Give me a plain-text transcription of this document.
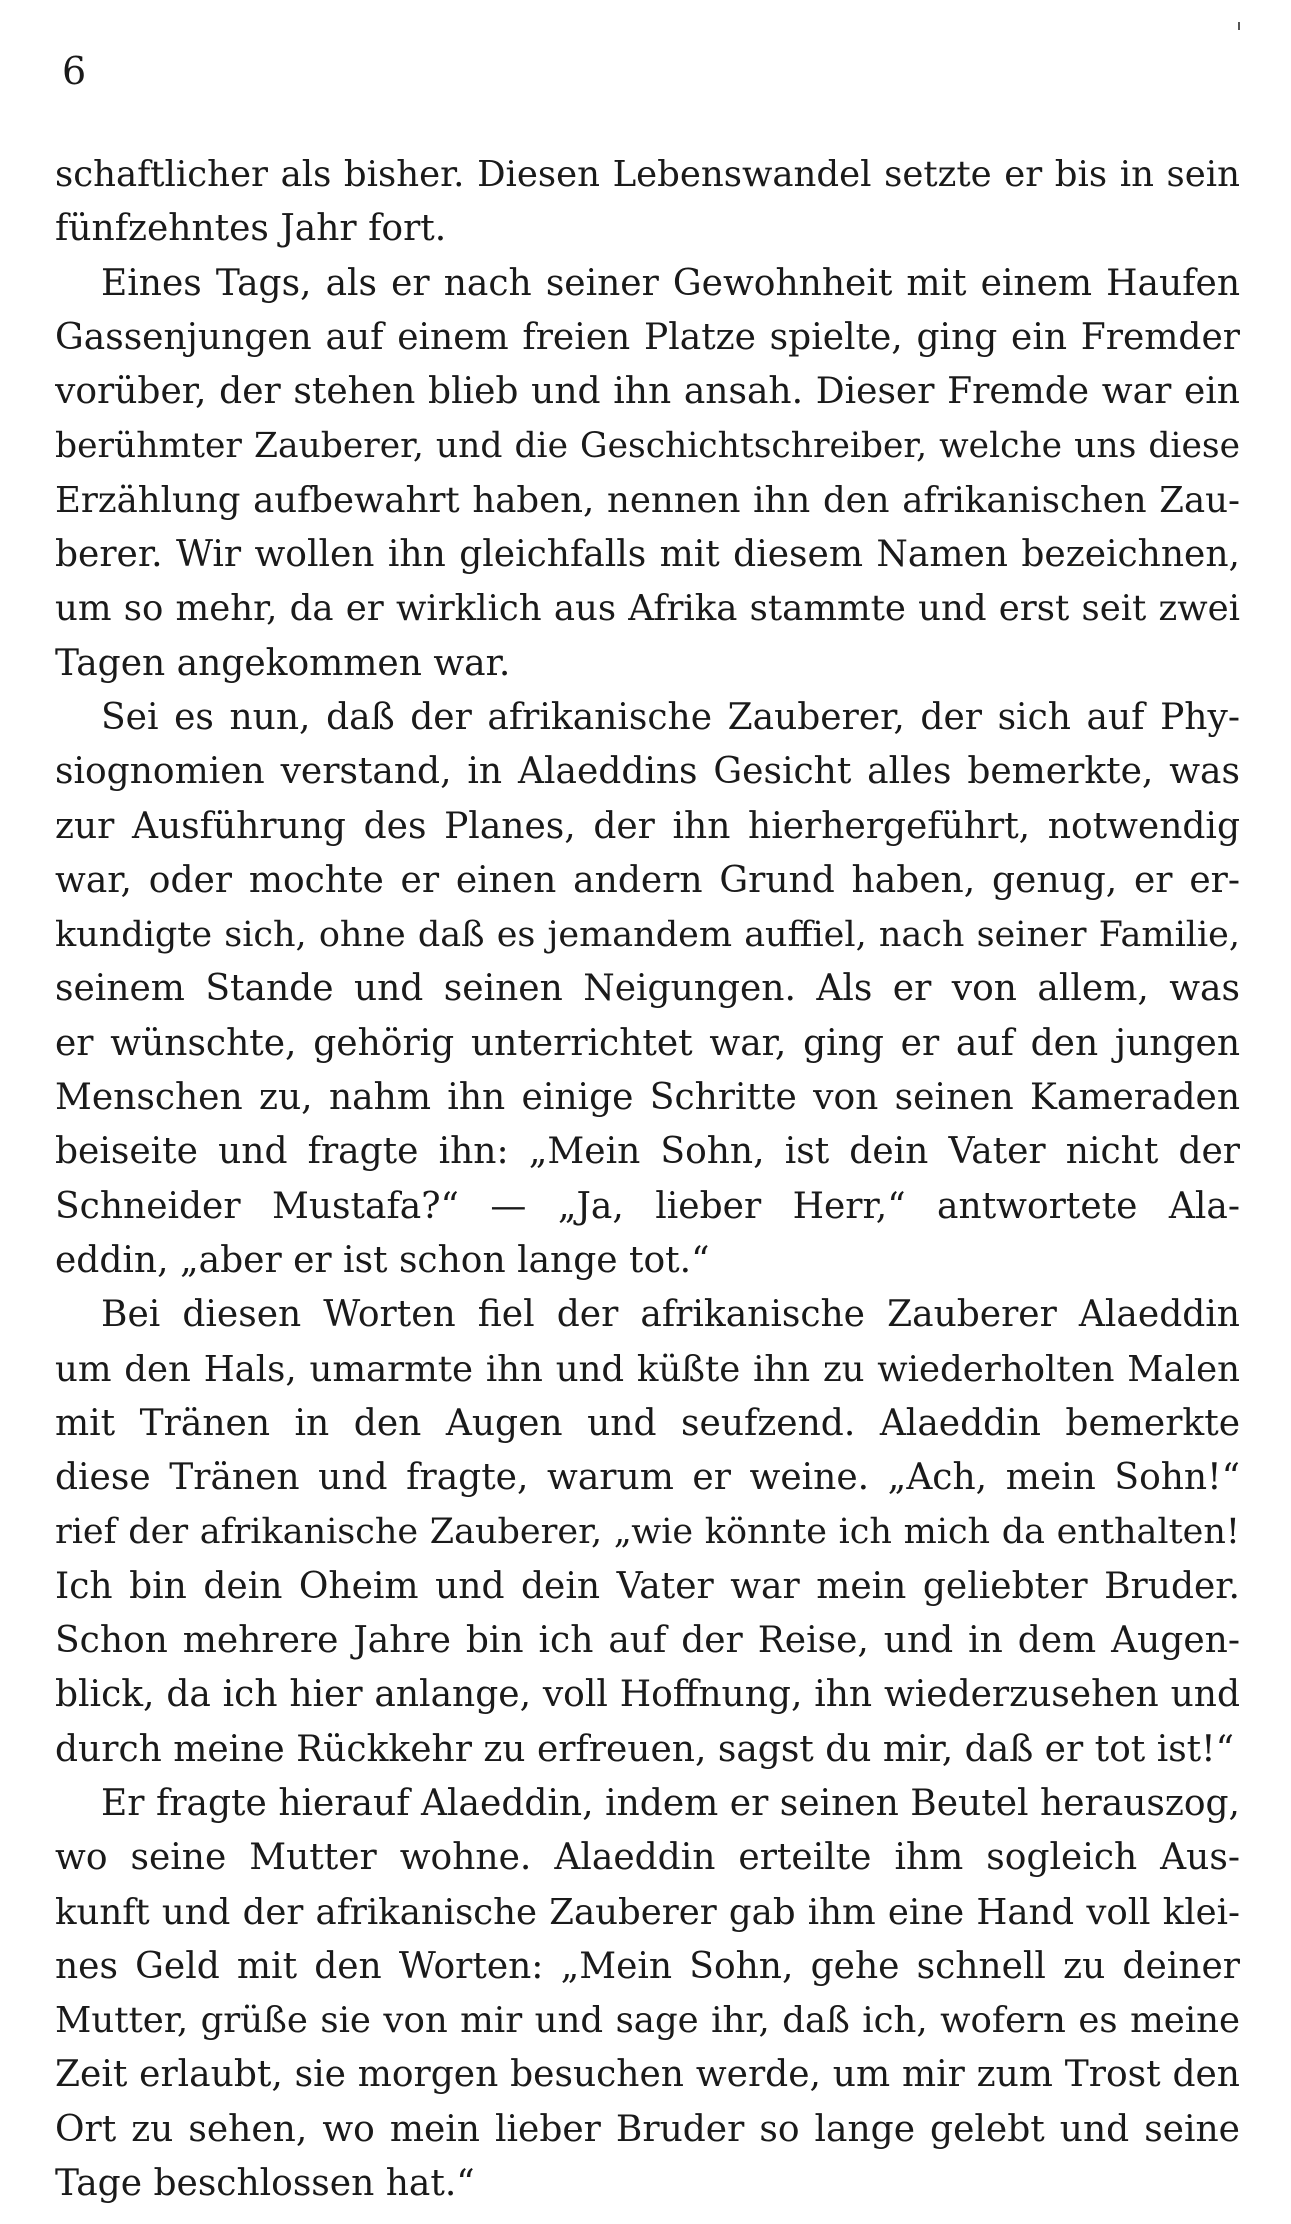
6
schaftlicher als bisher. Diesen Lebenswandel setzte er bis in sein
fünfzehntes Jahr fort.
Eines Tags, als er nach seiner Gewohnheit mit einem Haufen
Gassenjungen auf einem freien Platze spielte, ging ein Fremder
vorüber, der stehen blieb und ihn ansah. Dieser Fremde war ein
berühmter Zauberer, und die Geschichtschreiber, welche uns diese
Erzählung aufbewahrt haben, nennen ihn den afrikanischen Zau-
berer. Wir wollen ihn gleichfalls mit diesem Namen bezeichnen,
um so mehr, da er wirklich aus Afrika stammte und erst seit zwei
Tagen angekommen war.
Sei es nun, daß der afrikanische Zauberer, der sich auf Phy-
siognomien verstand, in Alaeddins Gesicht alles bemerkte, was
zur Ausführung des Planes, der ihn hierhergeführt, notwendig
war, oder mochte er einen andern Grund haben, genug, er er-
kundigte sich, ohne daß es jemandem auffiel, nach seiner Familie,
seinem Stande und seinen Neigungen. Als er von allem, was
er wünschte, gehörig unterrichtet war, ging er auf den jungen
Menschen zu, nahm ihn einige Schritte von seinen Kameraden
beiseite und fragte ihn: „Mein Sohn, ist dein Vater nicht der
Schneider Mustafa?“ — „Ja, lieber Herr,“ antwortete Ala-
eddin, „aber er ist schon lange tot.“
Bei diesen Worten fiel der afrikanische Zauberer Alaeddin
um den Hals, umarmte ihn und küßte ihn zu wiederholten Malen
mit Tränen in den Augen und seufzend. Alaeddin bemerkte
diese Tränen und fragte, warum er weine. „Ach, mein Sohn!“
rief der afrikanische Zauberer, „wie könnte ich mich da enthalten!
Ich bin dein Oheim und dein Vater war mein geliebter Bruder.
Schon mehrere Jahre bin ich auf der Reise, und in dem Augen-
blick, da ich hier anlange, voll Hoffnung, ihn wiederzusehen und
durch meine Rückkehr zu erfreuen, sagst du mir, daß er tot ist!“
Er fragte hierauf Alaeddin, indem er seinen Beutel herauszog,
wo seine Mutter wohne. Alaeddin erteilte ihm sogleich Aus-
kunft und der afrikanische Zauberer gab ihm eine Hand voll klei-
nes Geld mit den Worten: „Mein Sohn, gehe schnell zu deiner
Mutter, grüße sie von mir und sage ihr, daß ich, wofern es meine
Zeit erlaubt, sie morgen besuchen werde, um mir zum Trost den
Ort zu sehen, wo mein lieber Bruder so lange gelebt und seine
Tage beschlossen hat.“
